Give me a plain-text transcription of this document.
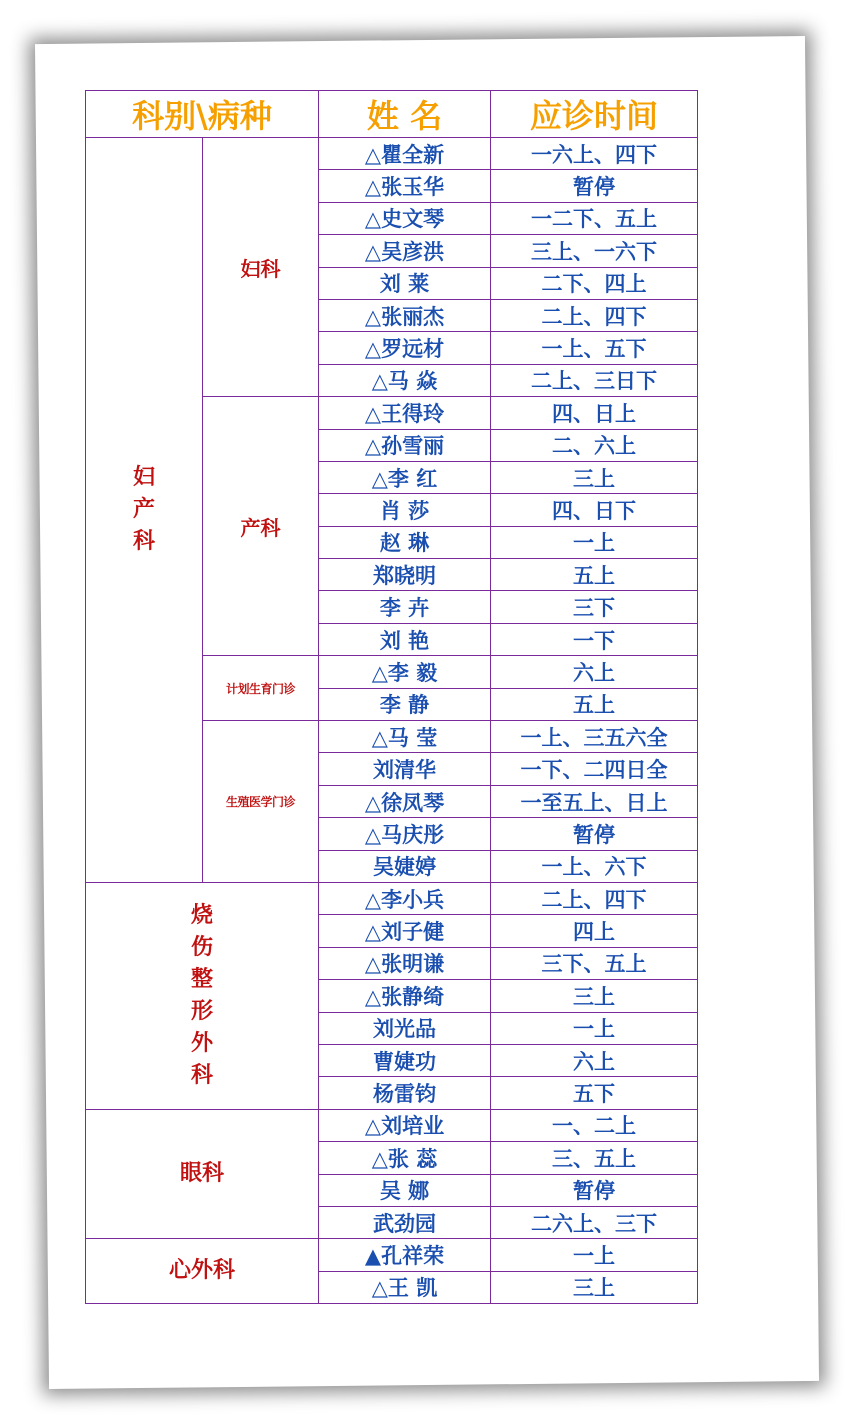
科别\病种		姓 名	应诊时间
妇产科	妇科	△瞿全新	一六上、四下
		△张玉华	暂停
		△史文琴	一二下、五上
		△吴彦洪	三上、一六下
		刘 莱	二下、四上
		△张丽杰	二上、四下
		△罗远材	一上、五下
		△马 焱	二上、三日下
	产科	△王得玲	四、日上
		△孙雪丽	二、六上
		△李 红	三上
		肖 莎	四、日下
		赵 琳	一上
		郑晓明	五上
		李 卉	三下
		刘 艳	一下
	计划生育门诊	△李 毅	六上
		李 静	五上
	生殖医学门诊	△马 莹	一上、三五六全
		刘清华	一下、二四日全
		△徐凤琴	一至五上、日上
		△马庆彤	暂停
		吴婕婷	一上、六下
烧伤整形外科		△李小兵	二上、四下
		△刘子健	四上
		△张明谦	三下、五上
		△张静绮	三上
		刘光品	一上
		曹婕功	六上
		杨雷钧	五下
眼科		△刘培业	一、二上
		△张 蕊	三、五上
		吴 娜	暂停
		武劲园	二六上、三下
心外科		▲孔祥荣	一上
		△王 凯	三上
